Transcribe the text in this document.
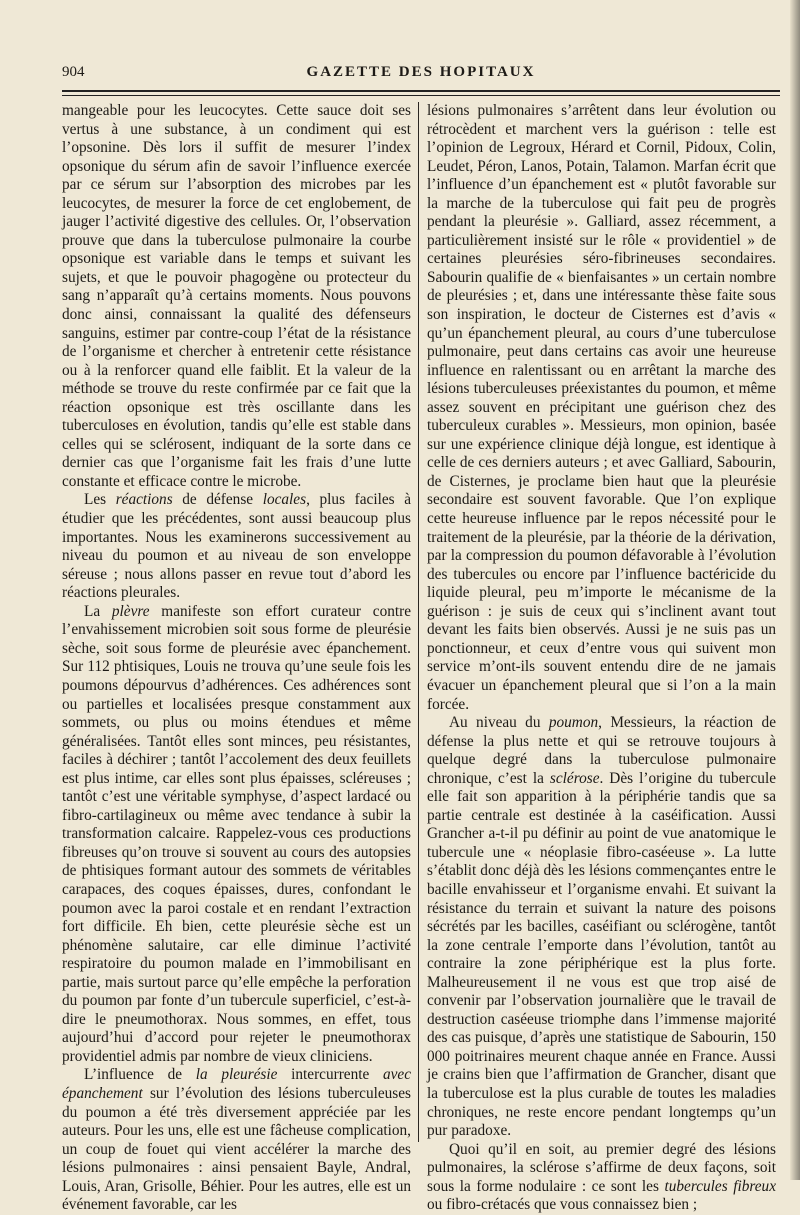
904	GAZETTE DES HOPITAUX

mangeable pour les leucocytes. Cette sauce doit ses vertus à une substance, à un condiment qui est l’opsonine. Dès lors il suffit de mesurer l’index opsonique du sérum afin de savoir l’influence exercée par ce sérum sur l’absorption des microbes par les leucocytes, de mesurer la force de cet englobement, de jauger l’activité digestive des cellules. Or, l’observation prouve que dans la tuberculose pulmonaire la courbe opsonique est variable dans le temps et suivant les sujets, et que le pouvoir phagogène ou protecteur du sang n’apparaît qu’à certains moments. Nous pouvons donc ainsi, connaissant la qualité des défenseurs sanguins, estimer par contre-coup l’état de la résistance de l’organisme et chercher à entretenir cette résistance ou à la renforcer quand elle faiblit. Et la valeur de la méthode se trouve du reste confirmée par ce fait que la réaction opsonique est très oscillante dans les tuberculoses en évolution, tandis qu’elle est stable dans celles qui se sclérosent, indiquant de la sorte dans ce dernier cas que l’organisme fait les frais d’une lutte constante et efficace contre le microbe.

Les réactions de défense locales, plus faciles à étudier que les précédentes, sont aussi beaucoup plus importantes. Nous les examinerons successivement au niveau du poumon et au niveau de son enveloppe séreuse ; nous allons passer en revue tout d’abord les réactions pleurales.

La plèvre manifeste son effort curateur contre l’envahissement microbien soit sous forme de pleurésie sèche, soit sous forme de pleurésie avec épanchement. Sur 112 phtisiques, Louis ne trouva qu’une seule fois les poumons dépourvus d’adhérences. Ces adhérences sont ou partielles et localisées presque constamment aux sommets, ou plus ou moins étendues et même généralisées. Tantôt elles sont minces, peu résistantes, faciles à déchirer ; tantôt l’accolement des deux feuillets est plus intime, car elles sont plus épaisses, scléreuses ; tantôt c’est une véritable symphyse, d’aspect lardacé ou fibro-cartilagineux ou même avec tendance à subir la transformation calcaire. Rappelez-vous ces productions fibreuses qu’on trouve si souvent au cours des autopsies de phtisiques formant autour des sommets de véritables carapaces, des coques épaisses, dures, confondant le poumon avec la paroi costale et en rendant l’extraction fort difficile. Eh bien, cette pleurésie sèche est un phénomène salutaire, car elle diminue l’activité respiratoire du poumon malade en l’immobilisant en partie, mais surtout parce qu’elle empêche la perforation du poumon par fonte d’un tubercule superficiel, c’est-à-dire le pneumothorax. Nous sommes, en effet, tous aujourd’hui d’accord pour rejeter le pneumothorax providentiel admis par nombre de vieux cliniciens.

L’influence de la pleurésie intercurrente avec épanchement sur l’évolution des lésions tuberculeuses du poumon a été très diversement appréciée par les auteurs. Pour les uns, elle est une fâcheuse complication, un coup de fouet qui vient accélérer la marche des lésions pulmonaires : ainsi pensaient Bayle, Andral, Louis, Aran, Grisolle, Béhier. Pour les autres, elle est un événement favorable, car les

lésions pulmonaires s’arrêtent dans leur évolution ou rétrocèdent et marchent vers la guérison : telle est l’opinion de Legroux, Hérard et Cornil, Pidoux, Colin, Leudet, Péron, Lanos, Potain, Talamon. Marfan écrit que l’influence d’un épanchement est « plutôt favorable sur la marche de la tuberculose qui fait peu de progrès pendant la pleurésie ». Galliard, assez récemment, a particulièrement insisté sur le rôle « providentiel » de certaines pleurésies séro-fibrineuses secondaires. Sabourin qualifie de « bienfaisantes » un certain nombre de pleurésies ; et, dans une intéressante thèse faite sous son inspiration, le docteur de Cisternes est d’avis « qu’un épanchement pleural, au cours d’une tuberculose pulmonaire, peut dans certains cas avoir une heureuse influence en ralentissant ou en arrêtant la marche des lésions tuberculeuses préexistantes du poumon, et même assez souvent en précipitant une guérison chez des tuberculeux curables ». Messieurs, mon opinion, basée sur une expérience clinique déjà longue, est identique à celle de ces derniers auteurs ; et avec Galliard, Sabourin, de Cisternes, je proclame bien haut que la pleurésie secondaire est souvent favorable. Que l’on explique cette heureuse influence par le repos nécessité pour le traitement de la pleurésie, par la théorie de la dérivation, par la compression du poumon défavorable à l’évolution des tubercules ou encore par l’influence bactéricide du liquide pleural, peu m’importe le mécanisme de la guérison : je suis de ceux qui s’inclinent avant tout devant les faits bien observés. Aussi je ne suis pas un ponctionneur, et ceux d’entre vous qui suivent mon service m’ont-ils souvent entendu dire de ne jamais évacuer un épanchement pleural que si l’on a la main forcée.

Au niveau du poumon, Messieurs, la réaction de défense la plus nette et qui se retrouve toujours à quelque degré dans la tuberculose pulmonaire chronique, c’est la sclérose. Dès l’origine du tubercule elle fait son apparition à la périphérie tandis que sa partie centrale est destinée à la caséification. Aussi Grancher a-t-il pu définir au point de vue anatomique le tubercule une « néoplasie fibro-caséeuse ». La lutte s’établit donc déjà dès les lésions commençantes entre le bacille envahisseur et l’organisme envahi. Et suivant la résistance du terrain et suivant la nature des poisons sécrétés par les bacilles, caséifiant ou sclérogène, tantôt la zone centrale l’emporte dans l’évolution, tantôt au contraire la zone périphérique est la plus forte. Malheureusement il ne vous est que trop aisé de convenir par l’observation journalière que le travail de destruction caséeuse triomphe dans l’immense majorité des cas puisque, d’après une statistique de Sabourin, 150 000 poitrinaires meurent chaque année en France. Aussi je crains bien que l’affirmation de Grancher, disant que la tuberculose est la plus curable de toutes les maladies chroniques, ne reste encore pendant longtemps qu’un pur paradoxe.

Quoi qu’il en soit, au premier degré des lésions pulmonaires, la sclérose s’affirme de deux façons, soit sous la forme nodulaire : ce sont les tubercules fibreux ou fibro-crétacés que vous connaissez bien ;
